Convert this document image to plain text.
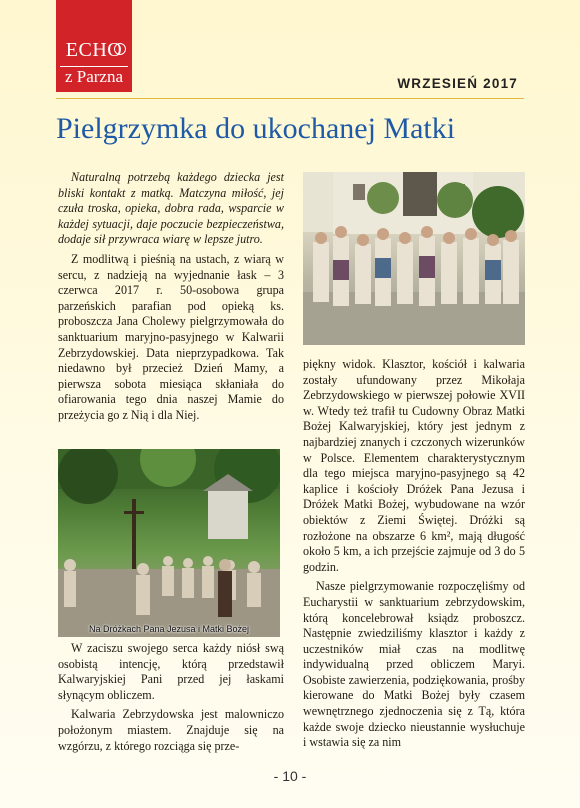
ECHO
z Parzna	WRZESIEŃ 2017
Pielgrzymka do ukochanej Matki

Naturalną potrzebą każdego dziecka jest bliski kontakt z matką. Matczyna miłość, jej czuła troska, opieka, dobra rada, wsparcie w każdej sytuacji, daje poczucie bezpieczeństwa, dodaje sił przywraca wiarę w lepsze jutro.

Z modlitwą i pieśnią na ustach, z wiarą w sercu, z nadzieją na wyjednanie łask – 3 czerwca 2017 r. 50-osobowa grupa parzeńskich parafian pod opieką ks. proboszcza Jana Cholewy pielgrzymowała do sanktuarium maryjno-pasyjnego w Kalwarii Zebrzydowskiej. Data nieprzypadkowa. Tak niedawno był przecież Dzień Mamy, a pierwsza sobota miesiąca skłaniała do ofiarowania tego dnia naszej Mamie do przeżycia go z Nią i dla Niej.

Na Dróżkach Pana Jezusa i Matki Bożej

W zaciszu swojego serca każdy niósł swą osobistą intencję, którą przedstawił Kalwaryjskiej Pani przed jej łaskami słynącym obliczem.

Kalwaria Zebrzydowska jest malowniczo położonym miastem. Znajduje się na wzgórzu, z którego rozciąga się prze-

piękny widok. Klasztor, kościół i kalwaria zostały ufundowany przez Mikołaja Zebrzydowskiego w pierwszej połowie XVII w. Wtedy też trafił tu Cudowny Obraz Matki Bożej Kalwaryjskiej, który jest jednym z najbardziej znanych i czczonych wizerunków w Polsce. Elementem charakterystycznym dla tego miejsca maryjno-pasyjnego są 42 kaplice i kościoły Dróżek Pana Jezusa i Dróżek Matki Bożej, wybudowane na wzór obiektów z Ziemi Świętej. Dróżki są rozłożone na obszarze 6 km², mają długość około 5 km, a ich przejście zajmuje od 3 do 5 godzin.

Nasze pielgrzymowanie rozpoczęliśmy od Eucharystii w sanktuarium zebrzydowskim, którą koncelebrował ksiądz proboszcz. Następnie zwiedziliśmy klasztor i każdy z uczestników miał czas na modlitwę indywidualną przed obliczem Maryi. Osobiste zawierzenia, podziękowania, prośby kierowane do Matki Bożej były czasem wewnętrznego zjednoczenia się z Tą, która każde swoje dziecko nieustannie wysłuchuje i wstawia się za nim

- 10 -
